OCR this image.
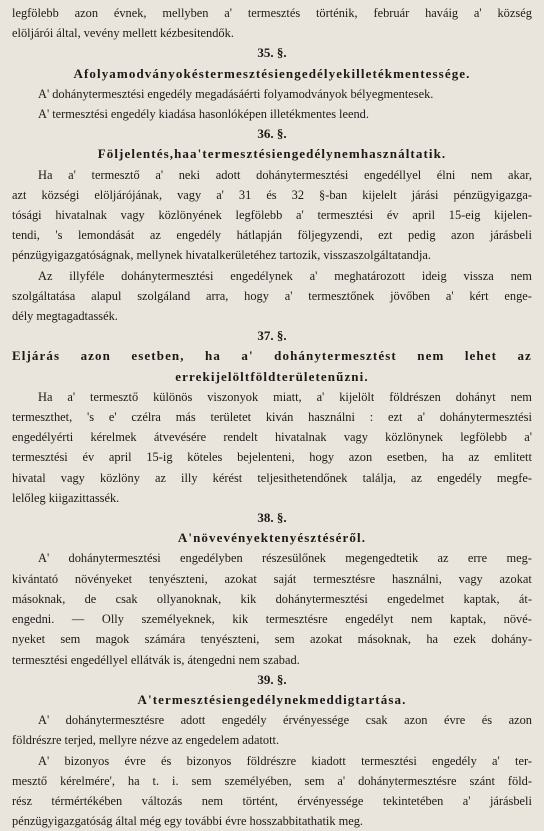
legfölebb azon évnek, mellyben a' termesztés történik, február haváig a' község
elöljárói által, vevény mellett kézbesitendők.

35. §.

A folyamodványok és termesztési engedélyek illetékmentessége.
A' dohánytermesztési engedély megadásáérti folyamodványok bélyegmentesek.
A' termesztési engedély kiadása hasonlóképen illetékmentes leend.

36. §.

Följelentés, ha a' termesztési engedély nem használtatik.
Ha a' termesztő a' neki adott dohánytermesztési engedéllyel élni nem akar,
azt községi elöljárójának, vagy a' 31 és 32 §-ban kijelelt járási pénzügyigazga-
tósági hivatalnak vagy közlönyének legfölebb a' termesztési év april 15-eig kijelen-
tendi, 's lemondását az engedély hátlapján följegyzendi, ezt pedig azon járásbeli
pénzügyigazgatóságnak, mellynek hivatalkerületéhez tartozik, visszaszolgáltatandja.
Az illyféle dohánytermesztési engedélynek a' meghatározott ideig vissza nem
szolgáltatása alapul szolgáland arra, hogy a' termesztőnek jövőben a' kért enge-
dély megtagadtassék.

37. §.

Eljárás azon esetben, ha a' dohánytermesztést nem lehet az
erre kijelölt földterületen űzni.
Ha a' termesztő különös viszonyok miatt, a' kijelölt földrészen dohányt nem
termeszthet, 's e' czélra más területet kiván használni : ezt a' dohánytermesztési
engedélyérti kérelmek átvevésére rendelt hivatalnak vagy közlönynek legfölebb a'
termesztési év april 15-ig köteles bejelenteni, hogy azon esetben, ha az emlitett
hivatal vagy közlöny az illy kérést teljesithetendőnek találja, az engedély megfe-
lelőleg kiigazittassék.

38. §.

A' növevények tenyésztéséről.
A' dohánytermesztési engedélyben részesülőnek megengedtetik az erre meg-
kivántató növényeket tenyészteni, azokat saját termesztésre használni, vagy azokat
másoknak, de csak ollyanoknak, kik dohánytermesztési engedelmet kaptak, át-
engedni. — Olly személyeknek, kik termesztésre engedélyt nem kaptak, növé-
nyeket sem magok számára tenyészteni, sem azokat másoknak, ha ezek dohány-
termesztési engedéllyel ellátvák is, átengedni nem szabad.

39. §.

A' termesztési engedélynek meddigtartása.
A' dohánytermesztésre adott engedély érvényessége csak azon évre és azon
földrészre terjed, mellyre nézve az engedelem adatott.
A' bizonyos évre és bizonyos földrészre kiadott termesztési engedély a' ter-
mesztő kérelmére', ha t. i. sem személyében, sem a' dohánytermesztésre szánt föld-
rész térmértékében változás nem történt, érvényessége tekintetében a' járásbeli
pénzügyigazgatóság által még egy további évre hosszabbitathatik meg.
